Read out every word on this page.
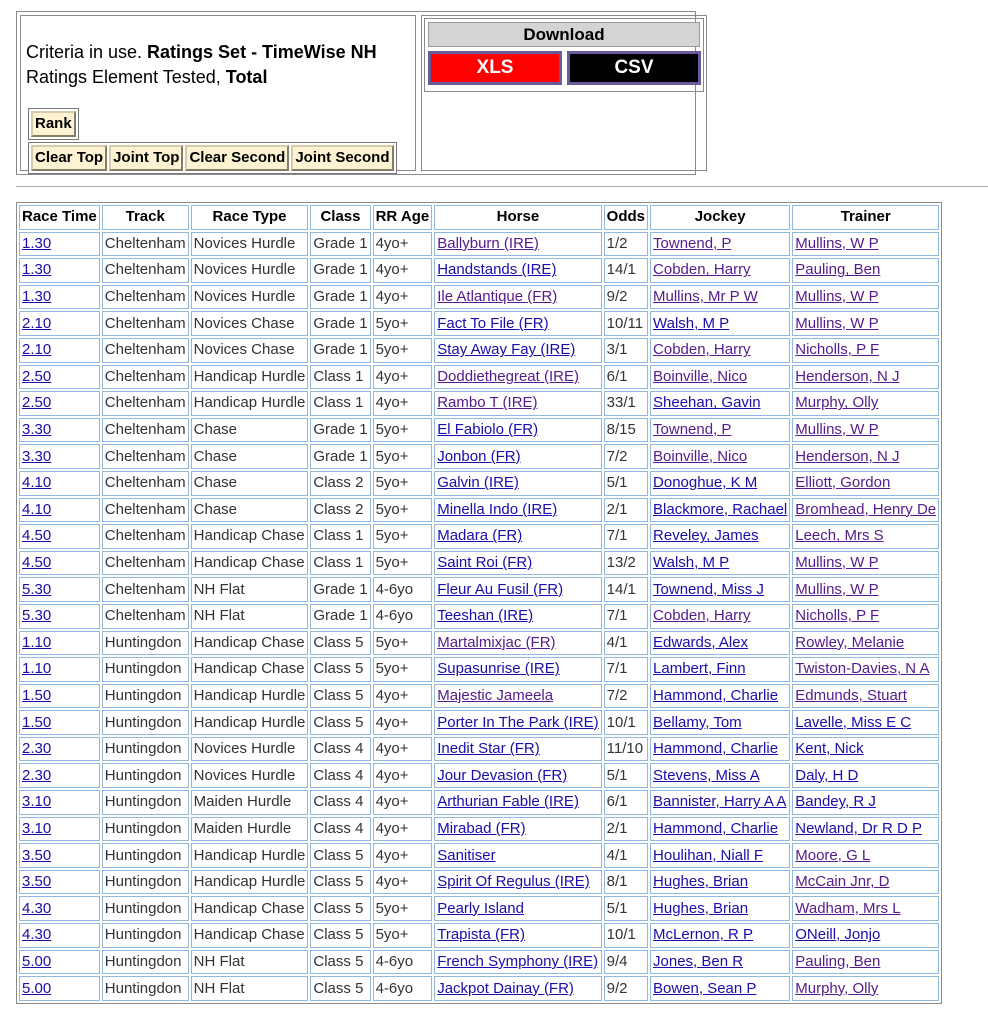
Criteria in use. Ratings Set - TimeWise NH
Ratings Element Tested, Total
Rank
Clear Top Joint Top Clear Second Joint Second
Download
XLS	CSV
Race Time	Track	Race Type	Class	RR Age	Horse	Odds	Jockey	Trainer
1.30	Cheltenham	Novices Hurdle	Grade 1	4yo+	Ballyburn (IRE)	1/2	Townend, P	Mullins, W P
1.30	Cheltenham	Novices Hurdle	Grade 1	4yo+	Handstands (IRE)	14/1	Cobden, Harry	Pauling, Ben
1.30	Cheltenham	Novices Hurdle	Grade 1	4yo+	Ile Atlantique (FR)	9/2	Mullins, Mr P W	Mullins, W P
2.10	Cheltenham	Novices Chase	Grade 1	5yo+	Fact To File (FR)	10/11	Walsh, M P	Mullins, W P
2.10	Cheltenham	Novices Chase	Grade 1	5yo+	Stay Away Fay (IRE)	3/1	Cobden, Harry	Nicholls, P F
2.50	Cheltenham	Handicap Hurdle	Class 1	4yo+	Doddiethegreat (IRE)	6/1	Boinville, Nico	Henderson, N J
2.50	Cheltenham	Handicap Hurdle	Class 1	4yo+	Rambo T (IRE)	33/1	Sheehan, Gavin	Murphy, Olly
3.30	Cheltenham	Chase	Grade 1	5yo+	El Fabiolo (FR)	8/15	Townend, P	Mullins, W P
3.30	Cheltenham	Chase	Grade 1	5yo+	Jonbon (FR)	7/2	Boinville, Nico	Henderson, N J
4.10	Cheltenham	Chase	Class 2	5yo+	Galvin (IRE)	5/1	Donoghue, K M	Elliott, Gordon
4.10	Cheltenham	Chase	Class 2	5yo+	Minella Indo (IRE)	2/1	Blackmore, Rachael	Bromhead, Henry De
4.50	Cheltenham	Handicap Chase	Class 1	5yo+	Madara (FR)	7/1	Reveley, James	Leech, Mrs S
4.50	Cheltenham	Handicap Chase	Class 1	5yo+	Saint Roi (FR)	13/2	Walsh, M P	Mullins, W P
5.30	Cheltenham	NH Flat	Grade 1	4-6yo	Fleur Au Fusil (FR)	14/1	Townend, Miss J	Mullins, W P
5.30	Cheltenham	NH Flat	Grade 1	4-6yo	Teeshan (IRE)	7/1	Cobden, Harry	Nicholls, P F
1.10	Huntingdon	Handicap Chase	Class 5	5yo+	Martalmixjac (FR)	4/1	Edwards, Alex	Rowley, Melanie
1.10	Huntingdon	Handicap Chase	Class 5	5yo+	Supasunrise (IRE)	7/1	Lambert, Finn	Twiston-Davies, N A
1.50	Huntingdon	Handicap Hurdle	Class 5	4yo+	Majestic Jameela	7/2	Hammond, Charlie	Edmunds, Stuart
1.50	Huntingdon	Handicap Hurdle	Class 5	4yo+	Porter In The Park (IRE)	10/1	Bellamy, Tom	Lavelle, Miss E C
2.30	Huntingdon	Novices Hurdle	Class 4	4yo+	Inedit Star (FR)	11/10	Hammond, Charlie	Kent, Nick
2.30	Huntingdon	Novices Hurdle	Class 4	4yo+	Jour Devasion (FR)	5/1	Stevens, Miss A	Daly, H D
3.10	Huntingdon	Maiden Hurdle	Class 4	4yo+	Arthurian Fable (IRE)	6/1	Bannister, Harry A A	Bandey, R J
3.10	Huntingdon	Maiden Hurdle	Class 4	4yo+	Mirabad (FR)	2/1	Hammond, Charlie	Newland, Dr R D P
3.50	Huntingdon	Handicap Hurdle	Class 5	4yo+	Sanitiser	4/1	Houlihan, Niall F	Moore, G L
3.50	Huntingdon	Handicap Hurdle	Class 5	4yo+	Spirit Of Regulus (IRE)	8/1	Hughes, Brian	McCain Jnr, D
4.30	Huntingdon	Handicap Chase	Class 5	5yo+	Pearly Island	5/1	Hughes, Brian	Wadham, Mrs L
4.30	Huntingdon	Handicap Chase	Class 5	5yo+	Trapista (FR)	10/1	McLernon, R P	ONeill, Jonjo
5.00	Huntingdon	NH Flat	Class 5	4-6yo	French Symphony (IRE)	9/4	Jones, Ben R	Pauling, Ben
5.00	Huntingdon	NH Flat	Class 5	4-6yo	Jackpot Dainay (FR)	9/2	Bowen, Sean P	Murphy, Olly
